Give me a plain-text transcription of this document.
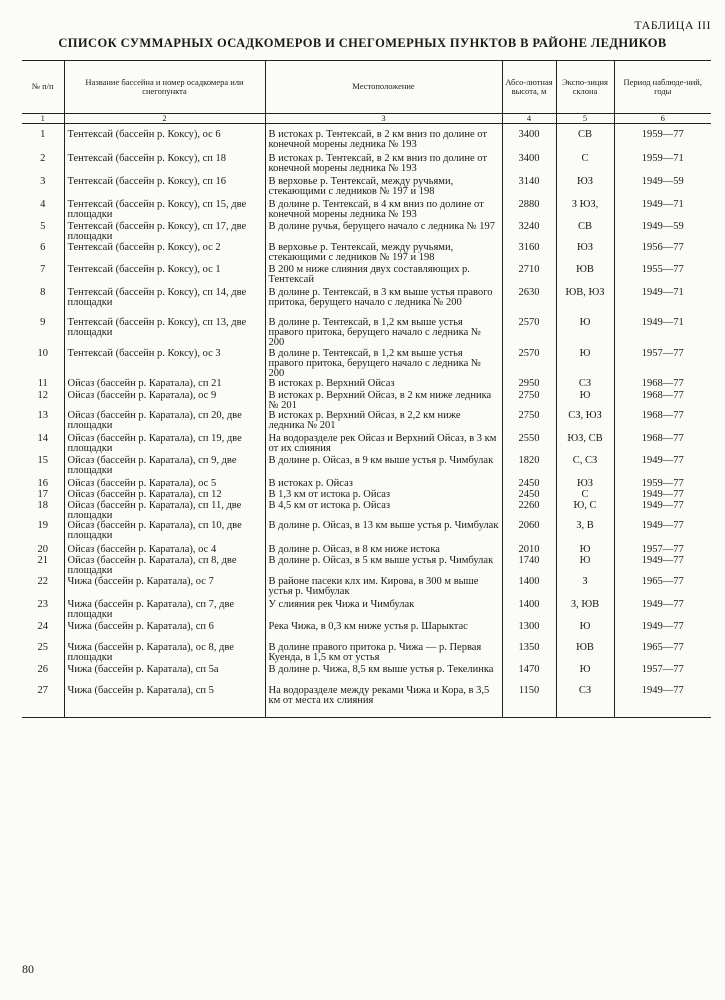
ТАБЛИЦА III
СПИСОК СУММАРНЫХ ОСАДКОМЕРОВ И СНЕГОМЕРНЫХ ПУНКТОВ В РАЙОНЕ ЛЕДНИКОВ
№ п/п	Название бассейна и номер осадкомера или снегопункта	Местоположение	Абсо-лютная высота, м	Экспо-зиция склона	Период наблюде-ний, годы
1	2	3	4	5	6

1	Тентексай (бассейн р. Коксу), ос 6	В истоках р. Тентексай, в 2 км вниз по долине от конечной морены ледника № 193	3400	СВ	1959—77
2	Тентексай (бассейн р. Коксу), сп 18	В истоках р. Тентексай, в 2 км вниз по долине от конечной морены ледника № 193	3400	С	1959—71
3	Тентексай (бассейн р. Коксу), сп 16	В верховье р. Тентексай, между ручьями, стекающими с ледников № 197 и 198	3140	ЮЗ	1949—59
4	Тентексай (бассейн р. Коксу), сп 15, две площадки	В долине р. Тентексай, в 4 км вниз по долине от конечной морены ледника № 193	2880	З ЮЗ,	1949—71
5	Тентексай (бассейн р. Коксу), сп 17, две площадки	В долине ручья, берущего начало с ледника № 197	3240	СВ	1949—59
6	Тентексай (бассейн р. Коксу), ос 2	В верховье р. Тентексай, между ручьями, стекающими с ледников № 197 и 198	3160	ЮЗ	1956—77
7	Тентексай (бассейн р. Коксу), ос 1	В 200 м ниже слияния двух составляющих р. Тентексай	2710	ЮВ	1955—77
8	Тентексай (бассейн р. Коксу), сп 14, две площадки	В долине р. Тентексай, в 3 км выше устья правого притока, берущего начало с ледника № 200	2630	ЮВ, ЮЗ	1949—71
9	Тентексай (бассейн р. Коксу), сп 13, две площадки	В долине р. Тентексай, в 1,2 км выше устья правого притока, берущего начало с ледника № 200	2570	Ю	1949—71
10	Тентексай (бассейн р. Коксу), ос 3	В долине р. Тентексай, в 1,2 км выше устья правого притока, берущего начало с ледника № 200	2570	Ю	1957—77
11	Ойсаз (бассейн р. Каратала), сп 21	В истоках р. Верхний Ойсаз	2950	СЗ	1968—77
12	Ойсаз (бассейн р. Каратала), ос 9	В истоках р. Верхний Ойсаз, в 2 км ниже ледника № 201	2750	Ю	1968—77
13	Ойсаз (бассейн р. Каратала), сп 20, две площадки	В истоках р. Верхний Ойсаз, в 2,2 км ниже ледника № 201	2750	СЗ, ЮЗ	1968—77
14	Ойсаз (бассейн р. Каратала), сп 19, две площадки	На водоразделе рек Ойсаз и Верхний Ойсаз, в 3 км от их слияния	2550	ЮЗ, СВ	1968—77
15	Ойсаз (бассейн р. Каратала), сп 9, две площадки	В долине р. Ойсаз, в 9 км выше устья р. Чимбулак	1820	С, СЗ	1949—77
16	Ойсаз (бассейн р. Каратала), ос 5	В истоках р. Ойсаз	2450	ЮЗ	1959—77
17	Ойсаз (бассейн р. Каратала), сп 12	В 1,3 км от истока р. Ойсаз	2450	С	1949—77
18	Ойсаз (бассейн р. Каратала), сп 11, две площадки	В 4,5 км от истока р. Ойсаз	2260	Ю, С	1949—77
19	Ойсаз (бассейн р. Каратала), сп 10, две площадки	В долине р. Ойсаз, в 13 км выше устья р. Чимбулак	2060	З, В	1949—77
20	Ойсаз (бассейн р. Каратала), ос 4	В долине р. Ойсаз, в 8 км ниже истока	2010	Ю	1957—77
21	Ойсаз (бассейн р. Каратала), сп 8, две площадки	В долине р. Ойсаз, в 5 км выше устья р. Чимбулак	1740	Ю	1949—77
22	Чижа (бассейн р. Каратала), ос 7	В районе пасеки клх им. Кирова, в 300 м выше устья р. Чимбулак	1400	З	1965—77
23	Чижа (бассейн р. Каратала), сп 7, две площадки	У слияния рек Чижа и Чимбулак	1400	З, ЮВ	1949—77
24	Чижа (бассейн р. Каратала), сп 6	Река Чижа, в 0,3 км ниже устья р. Шарыктас	1300	Ю	1949—77
25	Чижа (бассейн р. Каратала), ос 8, две площадки	В долине правого притока р. Чижа — р. Первая Куенда, в 1,5 км от устья	1350	ЮВ	1965—77
26	Чижа (бассейн р. Каратала), сп 5а	В долине р. Чижа, 8,5 км выше устья р. Текелинка	1470	Ю	1957—77
27	Чижа (бассейн р. Каратала), сп 5	На водоразделе между реками Чижа и Кора, в 3,5 км от места их слияния	1150	СЗ	1949—77

80
